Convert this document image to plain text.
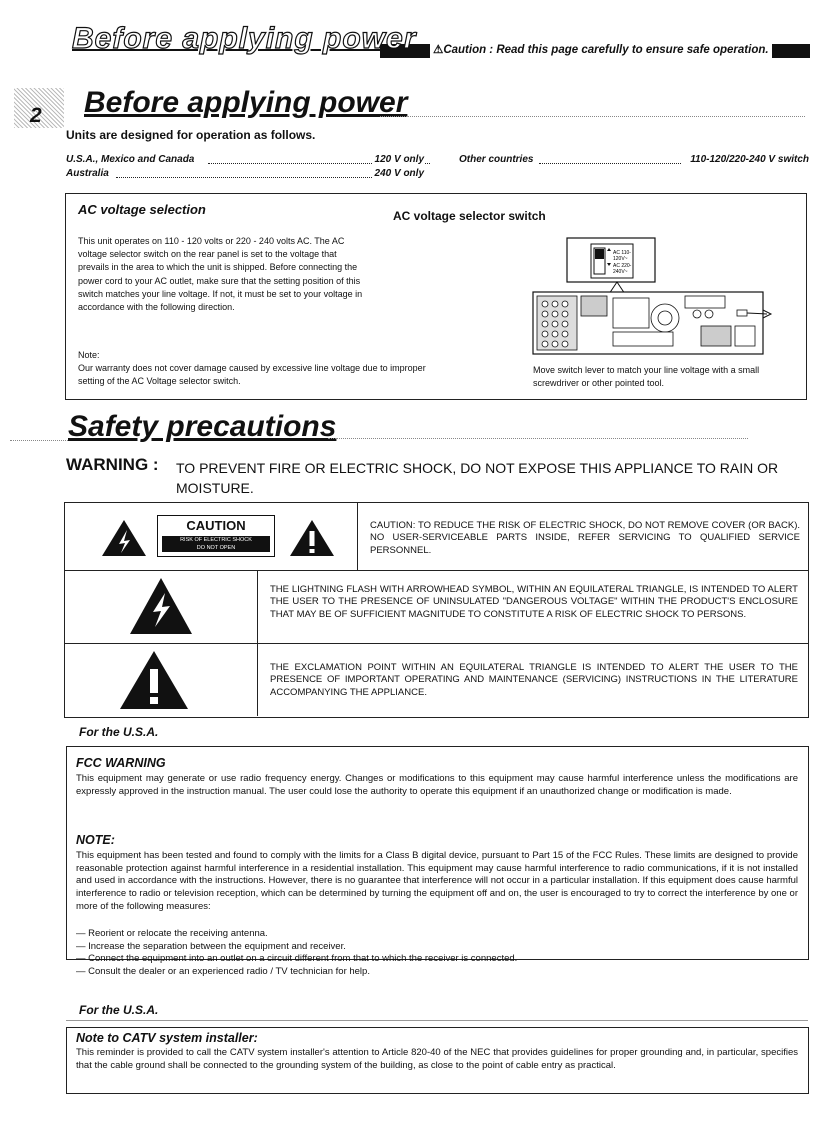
Before applying power ⚠Caution : Read this page carefully to ensure safe operation.
2 Before applying power
Units are designed for operation as follows.
U.S.A., Mexico and Canada	120 V only
Australia	240 V only
Other countries	110-120/220-240 V switch
AC voltage selection
This unit operates on 110 - 120 volts or 220 - 240 volts AC. The AC voltage selector switch on the rear panel is set to the voltage that prevails in the area to which the unit is shipped. Before connecting the power cord to your AC outlet, make sure that the setting position of this switch matches your line voltage. If not, it must be set to your voltage in accordance with the following direction.
Note:
Our warranty does not cover damage caused by excessive line voltage due to improper setting of the AC Voltage selector switch.
AC voltage selector switch
AC 110-
120V~
AC 220-
240V~
Move switch lever to match your line voltage with a small screwdriver or other pointed tool.
Safety precautions
WARNING : TO PREVENT FIRE OR ELECTRIC SHOCK, DO NOT EXPOSE THIS APPLIANCE TO RAIN OR MOISTURE.
CAUTION
RISK OF ELECTRIC SHOCK
DO NOT OPEN
CAUTION: TO REDUCE THE RISK OF ELECTRIC SHOCK, DO NOT REMOVE COVER (OR BACK). NO USER-SERVICEABLE PARTS INSIDE, REFER SERVICING TO QUALIFIED SERVICE PERSONNEL.
THE LIGHTNING FLASH WITH ARROWHEAD SYMBOL, WITHIN AN EQUILATERAL TRIANGLE, IS INTENDED TO ALERT THE USER TO THE PRESENCE OF UNINSULATED "DANGEROUS VOLTAGE" WITHIN THE PRODUCT'S ENCLOSURE THAT MAY BE OF SUFFICIENT MAGNITUDE TO CONSTITUTE A RISK OF ELECTRIC SHOCK TO PERSONS.
THE EXCLAMATION POINT WITHIN AN EQUILATERAL TRIANGLE IS INTENDED TO ALERT THE USER TO THE PRESENCE OF IMPORTANT OPERATING AND MAINTENANCE (SERVICING) INSTRUCTIONS IN THE LITERATURE ACCOMPANYING THE APPLIANCE.
For the U.S.A.
FCC WARNING
This equipment may generate or use radio frequency energy. Changes or modifications to this equipment may cause harmful interference unless the modifications are expressly approved in the instruction manual. The user could lose the authority to operate this equipment if an unauthorized change or modification is made.
NOTE:
This equipment has been tested and found to comply with the limits for a Class B digital device, pursuant to Part 15 of the FCC Rules. These limits are designed to provide reasonable protection against harmful interference in a residential installation. This equipment may cause harmful interference to radio communications, if it is not installed and used in accordance with the instructions. However, there is no guarantee that interference will not occur in a particular installation. If this equipment does cause harmful interference to radio or television reception, which can be determined by turning the equipment off and on, the user is encouraged to try to correct the interference by one or more of the following measures:
— Reorient or relocate the receiving antenna.
— Increase the separation between the equipment and receiver.
— Connect the equipment into an outlet on a circuit different from that to which the receiver is connected.
— Consult the dealer or an experienced radio / TV technician for help.
For the U.S.A.
Note to CATV system installer:
This reminder is provided to call the CATV system installer's attention to Article 820-40 of the NEC that provides guidelines for proper grounding and, in particular, specifies that the cable ground shall be connected to the grounding system of the building, as close to the point of cable entry as practical.
